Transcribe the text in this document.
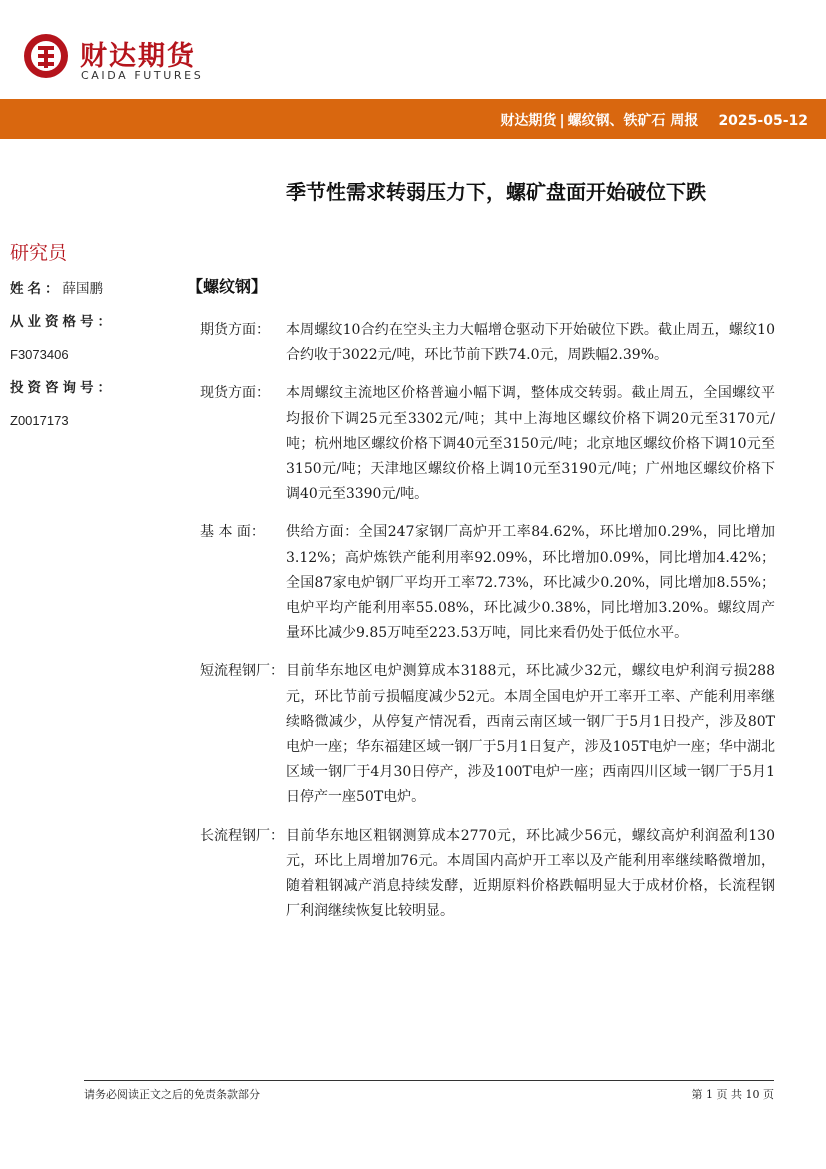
财达期货
CAIDA FUTURES
财达期货 | 螺纹钢、铁矿石 周报 2025-05-12
季节性需求转弱压力下，螺矿盘面开始破位下跌
研究员
姓名：薛国鹏
从业资格号：
F3073406
投资咨询号：
Z0017173
【螺纹钢】
期货方面：	本周螺纹10合约在空头主力大幅增仓驱动下开始破位下跌。截止周五，螺纹10合约收于3022元/吨，环比节前下跌74.0元，周跌幅2.39%。
现货方面：	本周螺纹主流地区价格普遍小幅下调，整体成交转弱。截止周五，全国螺纹平均报价下调25元至3302元/吨；其中上海地区螺纹价格下调20元至3170元/吨；杭州地区螺纹价格下调40元至3150元/吨；北京地区螺纹价格下调10元至3150元/吨；天津地区螺纹价格上调10元至3190元/吨；广州地区螺纹价格下调40元至3390元/吨。
基 本 面：	供给方面：全国247家钢厂高炉开工率84.62%，环比增加0.29%，同比增加3.12%；高炉炼铁产能利用率92.09%，环比增加0.09%，同比增加4.42%；全国87家电炉钢厂平均开工率72.73%，环比减少0.20%，同比增加8.55%；电炉平均产能利用率55.08%，环比减少0.38%，同比增加3.20%。螺纹周产量环比减少9.85万吨至223.53万吨，同比来看仍处于低位水平。
短流程钢厂： 目前华东地区电炉测算成本3188元，环比减少32元，螺纹电炉利润亏损288元，环比节前亏损幅度减少52元。本周全国电炉开工率开工率、产能利用率继续略微减少，从停复产情况看，西南云南区域一钢厂于5月1日投产，涉及80T电炉一座；华东福建区域一钢厂于5月1日复产，涉及105T电炉一座；华中湖北区域一钢厂于4月30日停产，涉及100T电炉一座；西南四川区域一钢厂于5月1日停产一座50T电炉。
长流程钢厂： 目前华东地区粗钢测算成本2770元，环比减少56元，螺纹高炉利润盈利130元，环比上周增加76元。本周国内高炉开工率以及产能利用率继续略微增加，随着粗钢减产消息持续发酵，近期原料价格跌幅明显大于成材价格，长流程钢厂利润继续恢复比较明显。
请务必阅读正文之后的免责条款部分	第 1 页 共 10 页
